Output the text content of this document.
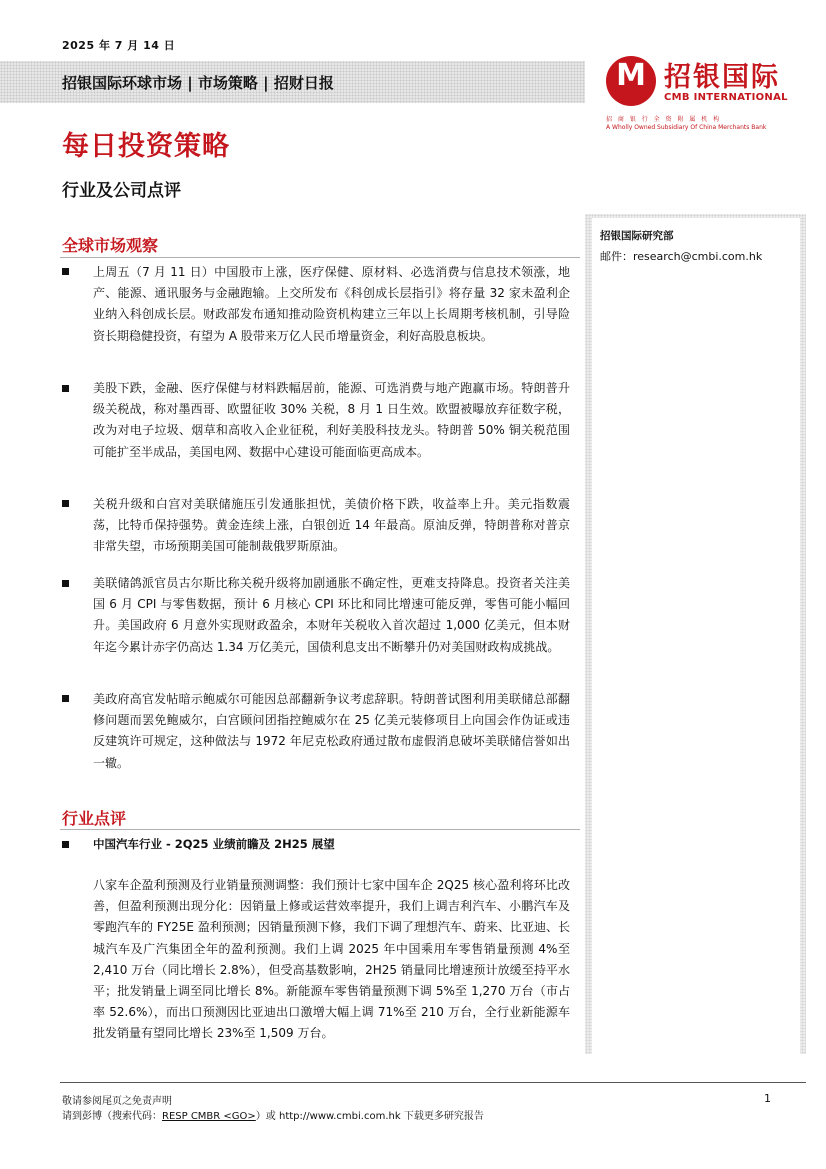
2025 年 7 月 14 日
招银国际环球市场 | 市场策略 | 招财日报	M 招银国际
CMB INTERNATIONAL
招 商 银 行 全 资 附 属 机 构
A Wholly Owned Subsidiary Of China Merchants Bank
每日投资策略
行业及公司点评
招银国际研究部
邮件：research@cmbi.com.hk
全球市场观察
上周五（7 月 11 日）中国股市上涨，医疗保健、原材料、必选消费与信息技术领涨，地产、能源、通讯服务与金融跑输。上交所发布《科创成长层指引》将存量 32 家未盈利企业纳入科创成长层。财政部发布通知推动险资机构建立三年以上长周期考核机制，引导险资长期稳健投资，有望为 A 股带来万亿人民币增量资金，利好高股息板块。
美股下跌，金融、医疗保健与材料跌幅居前，能源、可选消费与地产跑赢市场。特朗普升级关税战，称对墨西哥、欧盟征收 30% 关税，8 月 1 日生效。欧盟被曝放弃征数字税，改为对电子垃圾、烟草和高收入企业征税，利好美股科技龙头。特朗普 50% 铜关税范围可能扩至半成品，美国电网、数据中心建设可能面临更高成本。
关税升级和白宫对美联储施压引发通胀担忧，美债价格下跌，收益率上升。美元指数震荡，比特币保持强势。黄金连续上涨，白银创近 14 年最高。原油反弹，特朗普称对普京非常失望，市场预期美国可能制裁俄罗斯原油。
美联储鸽派官员古尔斯比称关税升级将加剧通胀不确定性，更难支持降息。投资者关注美国 6 月 CPI 与零售数据，预计 6 月核心 CPI 环比和同比增速可能反弹，零售可能小幅回升。美国政府 6 月意外实现财政盈余，本财年关税收入首次超过 1,000 亿美元，但本财年迄今累计赤字仍高达 1.34 万亿美元，国债利息支出不断攀升仍对美国财政构成挑战。
美政府高官发帖暗示鲍威尔可能因总部翻新争议考虑辞职。特朗普试图利用美联储总部翻修问题而罢免鲍威尔，白宫顾问团指控鲍威尔在 25 亿美元装修项目上向国会作伪证或违反建筑许可规定，这种做法与 1972 年尼克松政府通过散布虚假消息破坏美联储信誉如出一辙。
行业点评
中国汽车行业 - 2Q25 业绩前瞻及 2H25 展望
八家车企盈利预测及行业销量预测调整：我们预计七家中国车企 2Q25 核心盈利将环比改善，但盈利预测出现分化：因销量上修或运营效率提升，我们上调吉利汽车、小鹏汽车及零跑汽车的 FY25E 盈利预测；因销量预测下修，我们下调了理想汽车、蔚来、比亚迪、长城汽车及广汽集团全年的盈利预测。我们上调 2025 年中国乘用车零售销量预测 4%至 2,410 万台（同比增长 2.8%），但受高基数影响，2H25 销量同比增速预计放缓至持平水平；批发销量上调至同比增长 8%。新能源车零售销量预测下调 5%至 1,270 万台（市占率 52.6%），而出口预测因比亚迪出口激增大幅上调 71%至 210 万台，全行业新能源车批发销量有望同比增长 23%至 1,509 万台。
敬请参阅尾页之免责声明
请到彭博（搜索代码：RESP CMBR <GO>）或 http://www.cmbi.com.hk 下载更多研究报告
1
